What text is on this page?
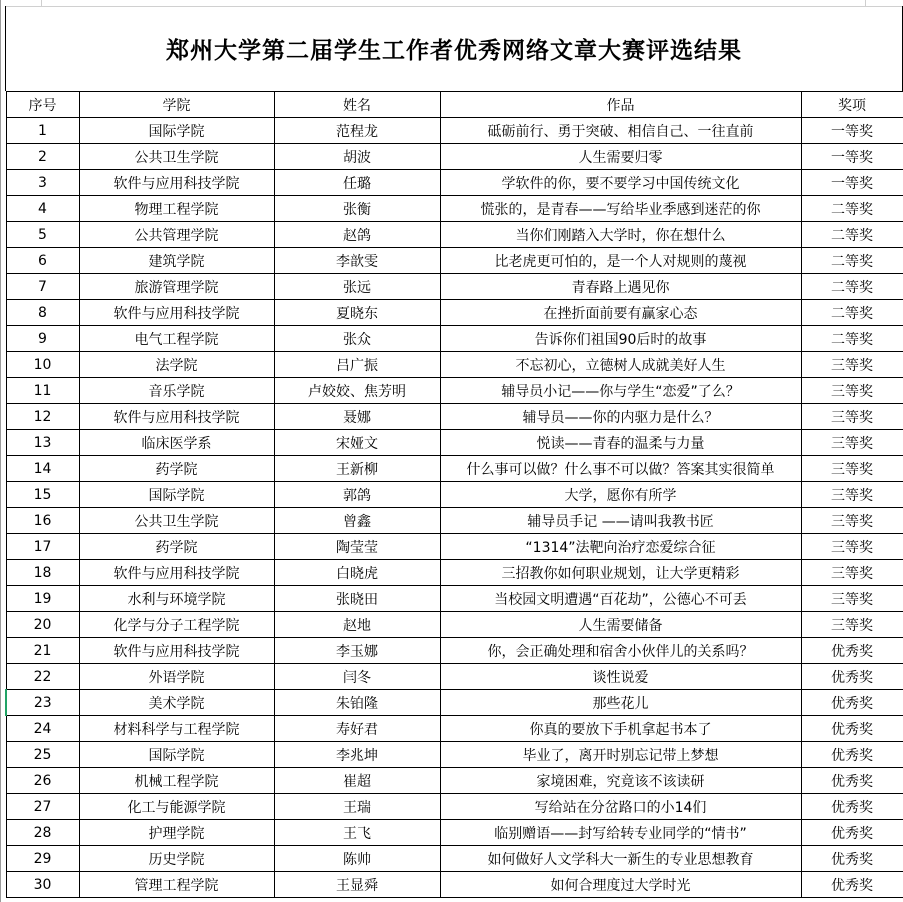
郑州大学第二届学生工作者优秀网络文章大赛评选结果
序号	学院	姓名	作品	奖项
1	国际学院	范程龙	砥砺前行、勇于突破、相信自己、一往直前	一等奖
2	公共卫生学院	胡波	人生需要归零	一等奖
3	软件与应用科技学院	任璐	学软件的你，要不要学习中国传统文化	一等奖
4	物理工程学院	张衡	慌张的，是青春——写给毕业季感到迷茫的你	二等奖
5	公共管理学院	赵鸽	当你们刚踏入大学时，你在想什么	二等奖
6	建筑学院	李歆雯	比老虎更可怕的，是一个人对规则的蔑视	二等奖
7	旅游管理学院	张远	青春路上遇见你	二等奖
8	软件与应用科技学院	夏晓东	在挫折面前要有赢家心态	二等奖
9	电气工程学院	张众	告诉你们祖国90后时的故事	二等奖
10	法学院	吕广振	不忘初心，立德树人成就美好人生	三等奖
11	音乐学院	卢姣姣、焦芳明	辅导员小记——你与学生“恋爱”了么？	三等奖
12	软件与应用科技学院	聂娜	辅导员——你的内驱力是什么？	三等奖
13	临床医学系	宋娅文	悦读——青春的温柔与力量	三等奖
14	药学院	王新柳	什么事可以做？什么事不可以做？答案其实很简单	三等奖
15	国际学院	郭鸽	大学，愿你有所学	三等奖
16	公共卫生学院	曾鑫	辅导员手记 ——请叫我教书匠	三等奖
17	药学院	陶莹莹	“1314”法靶向治疗恋爱综合征	三等奖
18	软件与应用科技学院	白晓虎	三招教你如何职业规划，让大学更精彩	三等奖
19	水利与环境学院	张晓田	当校园文明遭遇“百花劫”，公德心不可丢	三等奖
20	化学与分子工程学院	赵地	人生需要储备	三等奖
21	软件与应用科技学院	李玉娜	你，会正确处理和宿舍小伙伴儿的关系吗？	优秀奖
22	外语学院	闫冬	谈性说爱	优秀奖
23	美术学院	朱铂隆	那些花儿	优秀奖
24	材料科学与工程学院	寿好君	你真的要放下手机拿起书本了	优秀奖
25	国际学院	李兆坤	毕业了，离开时别忘记带上梦想	优秀奖
26	机械工程学院	崔超	家境困难，究竟该不该读研	优秀奖
27	化工与能源学院	王瑞	写给站在分岔路口的小14们	优秀奖
28	护理学院	王飞	临别赠语——封写给转专业同学的“情书”	优秀奖
29	历史学院	陈帅	如何做好人文学科大一新生的专业思想教育	优秀奖
30	管理工程学院	王显舜	如何合理度过大学时光	优秀奖
